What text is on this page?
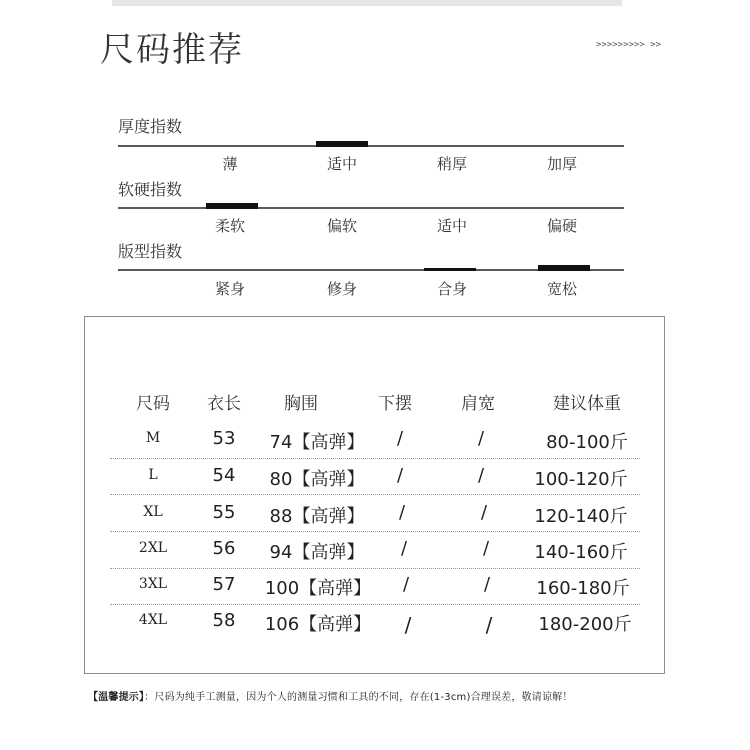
尺码推荐	>>>>>>>>> >>
厚度指数
薄	适中	稍厚	加厚
软硬指数
柔软	偏软	适中	偏硬
版型指数
紧身	修身	合身	宽松
尺码	衣长	胸围	下摆	肩宽	建议体重
M	53	74【高弹】	/	/	80-100斤
L	54	80【高弹】	/	/	100-120斤
XL	55	88【高弹】	/	/	120-140斤
2XL	56	94【高弹】	/	/	140-160斤
3XL	57	100【高弹】	/	/	160-180斤
4XL	58	106【高弹】	/	/	180-200斤
【温馨提示】：尺码为纯手工测量，因为个人的测量习惯和工具的不同，存在(1-3cm)合理误差，敬请谅解！
